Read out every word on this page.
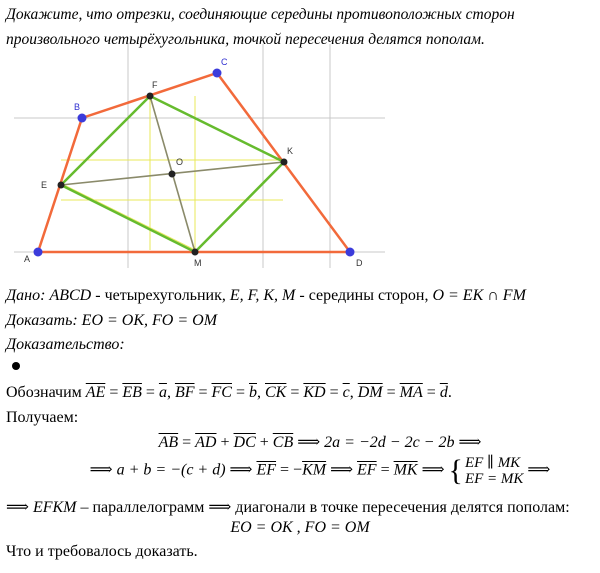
Докажите, что отрезки, соединяющие середины противоположных сторон произвольного четырёхугольника, точкой пересечения делятся пополам.
A
B
C
D
E
F
K
M
O
Дано: ABCD - четырехугольник, E, F, K, M - середины сторон, O = EK ∩ FM
Доказать: EO = OK, FO = OM
Доказательство:
Обозначим $\overline{AE} = \overline{EB} = \overline{a}$, $\overline{BF} = \overline{FC} = \overline{b}$, $\overline{CK} = \overline{KD} = \overline{c}$, $\overline{DM} = \overline{MA} = \overline{d}$.
Получаем:
$\overline{AB} = \overline{AD} + \overline{DC} + \overline{CB}$ ⟹ 2a = −2d − 2c − 2b ⟹
⟹ a + b = −(c + d) ⟹ $\overline{EF} = -\overline{KM}$ ⟹ $\overline{EF} = \overline{MK}$ ⟹ { EF ∥ MK
EF = MK ⟹
⟹ EFKM – параллелограмм ⟹ диагонали в точке пересечения делятся пополам:
EO = OK , FO = OM
Что и требовалось доказать.
